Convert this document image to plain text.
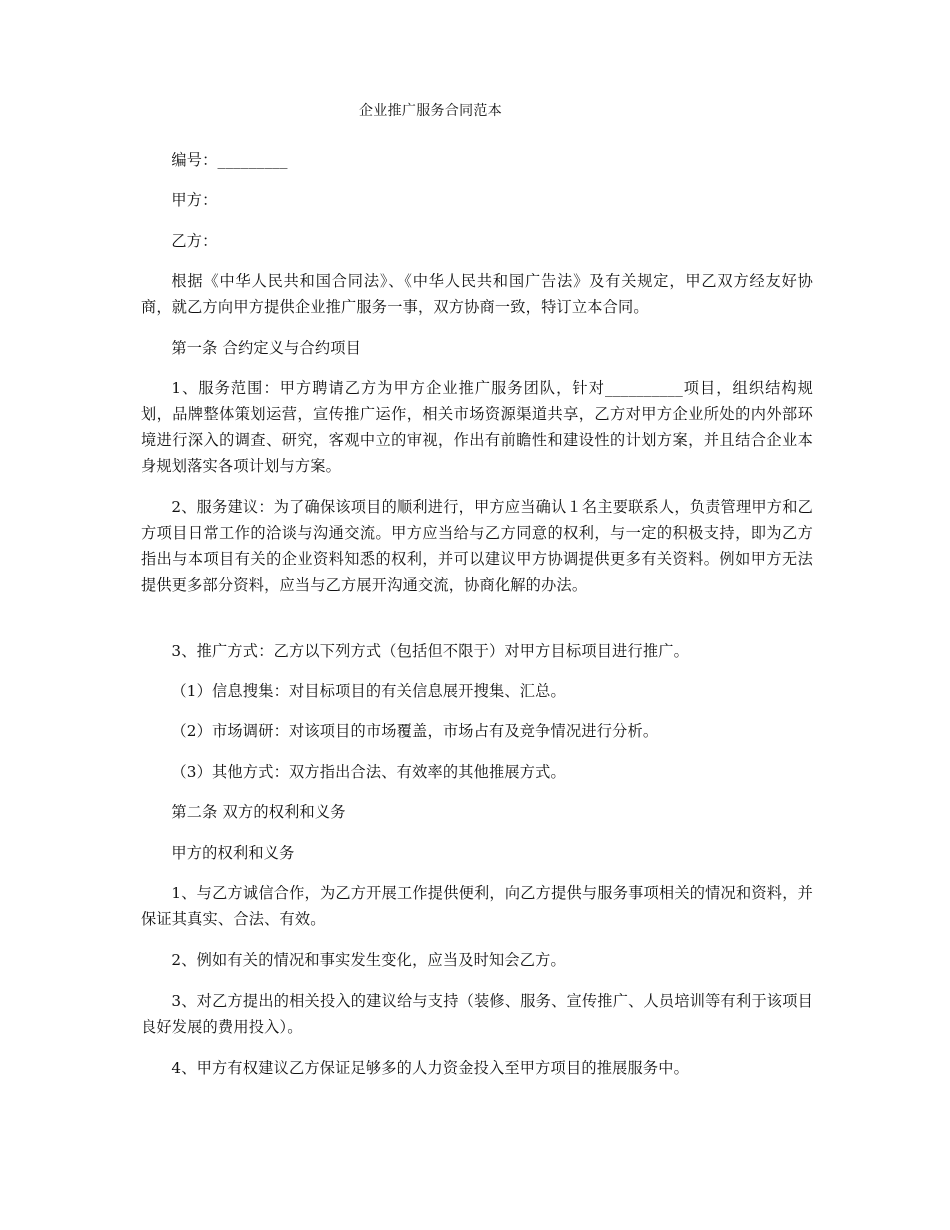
企业推广服务合同范本

编号：_________

甲方：

乙方：

根据《中华人民共和国合同法》、《中华人民共和国广告法》及有关规定，甲乙双方经友好协商，就乙方向甲方提供企业推广服务一事，双方协商一致，特订立本合同。

第一条 合约定义与合约项目

1、服务范围：甲方聘请乙方为甲方企业推广服务团队，针对__________项目，组织结构规划，品牌整体策划运营，宣传推广运作，相关市场资源渠道共享，乙方对甲方企业所处的内外部环境进行深入的调查、研究，客观中立的审视，作出有前瞻性和建设性的计划方案，并且结合企业本身规划落实各项计划与方案。

2、服务建议：为了确保该项目的顺利进行，甲方应当确认１名主要联系人，负责管理甲方和乙方项目日常工作的洽谈与沟通交流。甲方应当给与乙方同意的权利，与一定的积极支持，即为乙方指出与本项目有关的企业资料知悉的权利，并可以建议甲方协调提供更多有关资料。例如甲方无法提供更多部分资料，应当与乙方展开沟通交流，协商化解的办法。

3、推广方式：乙方以下列方式（包括但不限于）对甲方目标项目进行推广。

（1）信息搜集：对目标项目的有关信息展开搜集、汇总。

（2）市场调研：对该项目的市场覆盖，市场占有及竞争情况进行分析。

（3）其他方式：双方指出合法、有效率的其他推展方式。

第二条 双方的权利和义务

甲方的权利和义务

1、与乙方诚信合作，为乙方开展工作提供便利，向乙方提供与服务事项相关的情况和资料，并保证其真实、合法、有效。

2、例如有关的情况和事实发生变化，应当及时知会乙方。

3、对乙方提出的相关投入的建议给与支持（装修、服务、宣传推广、人员培训等有利于该项目良好发展的费用投入）。

4、甲方有权建议乙方保证足够多的人力资金投入至甲方项目的推展服务中。
